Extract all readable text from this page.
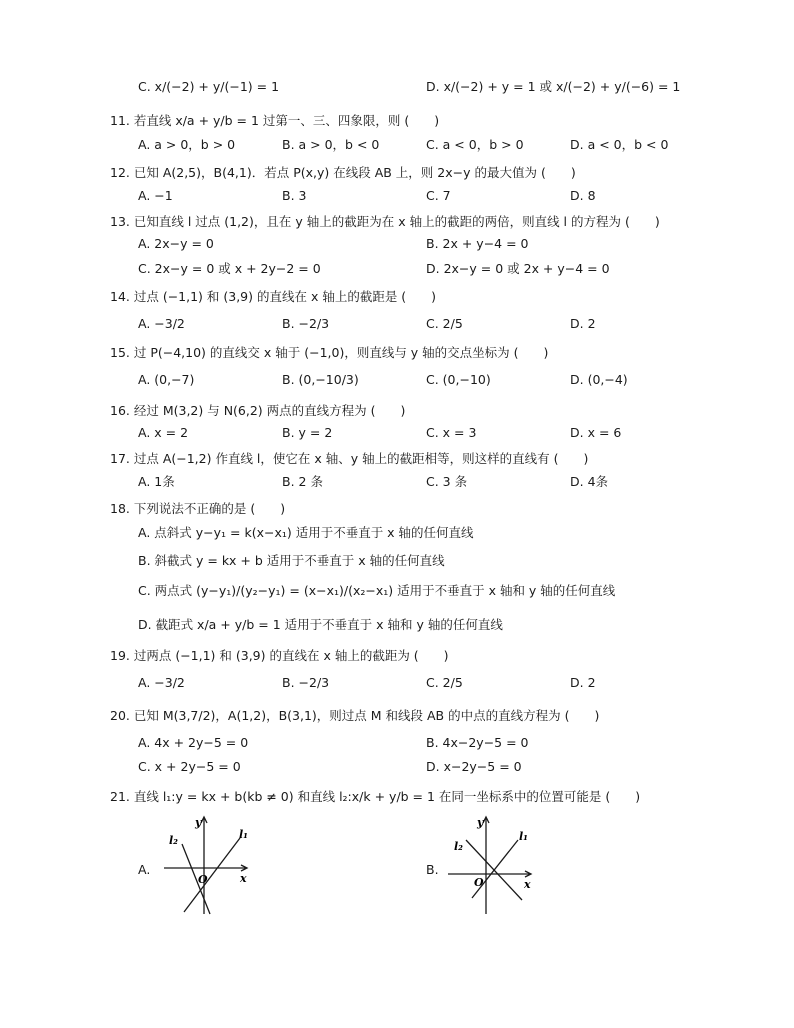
C. x/(−2) + y/(−1) = 1	D. x/(−2) + y = 1 或 x/(−2) + y/(−6) = 1
11. 若直线 x/a + y/b = 1 过第一、三、四象限，则 (　　)
A. a > 0，b > 0	B. a > 0，b < 0	C. a < 0，b > 0	D. a < 0，b < 0
12. 已知 A(2,5)，B(4,1)．若点 P(x,y) 在线段 AB 上，则 2x−y 的最大值为 (　　)
A. −1	B. 3	C. 7	D. 8
13. 已知直线 l 过点 (1,2)，且在 y 轴上的截距为在 x 轴上的截距的两倍，则直线 l 的方程为 (　　)
A. 2x−y = 0	B. 2x + y−4 = 0
C. 2x−y = 0 或 x + 2y−2 = 0	D. 2x−y = 0 或 2x + y−4 = 0
14. 过点 (−1,1) 和 (3,9) 的直线在 x 轴上的截距是 (　　)
A. −3/2	B. −2/3	C. 2/5	D. 2
15. 过 P(−4,10) 的直线交 x 轴于 (−1,0)，则直线与 y 轴的交点坐标为 (　　)
A. (0,−7)	B. (0,−10/3)	C. (0,−10)	D. (0,−4)
16. 经过 M(3,2) 与 N(6,2) 两点的直线方程为 (　　)
A. x = 2	B. y = 2	C. x = 3	D. x = 6
17. 过点 A(−1,2) 作直线 l，使它在 x 轴、y 轴上的截距相等，则这样的直线有 (　　)
A. 1条	B. 2 条	C. 3 条	D. 4条
18. 下列说法不正确的是 (　　)
A. 点斜式 y−y₁ = k(x−x₁) 适用于不垂直于 x 轴的任何直线
B. 斜截式 y = kx + b 适用于不垂直于 x 轴的任何直线
C. 两点式 (y−y₁)/(y₂−y₁) = (x−x₁)/(x₂−x₁) 适用于不垂直于 x 轴和 y 轴的任何直线
D. 截距式 x/a + y/b = 1 适用于不垂直于 x 轴和 y 轴的任何直线
19. 过两点 (−1,1) 和 (3,9) 的直线在 x 轴上的截距为 (　　)
A. −3/2	B. −2/3	C. 2/5	D. 2
20. 已知 M(3,7/2)，A(1,2)，B(3,1)，则过点 M 和线段 AB 的中点的直线方程为 (　　)
A. 4x + 2y−5 = 0	B. 4x−2y−5 = 0
C. x + 2y−5 = 0	D. x−2y−5 = 0
21. 直线 l₁:y = kx + b(kb ≠ 0) 和直线 l₂:x/k + y/b = 1 在同一坐标系中的位置可能是 (　　)
A.	B.
y
x
O
l₁
l₂
y
x
O
l₁
l₂
